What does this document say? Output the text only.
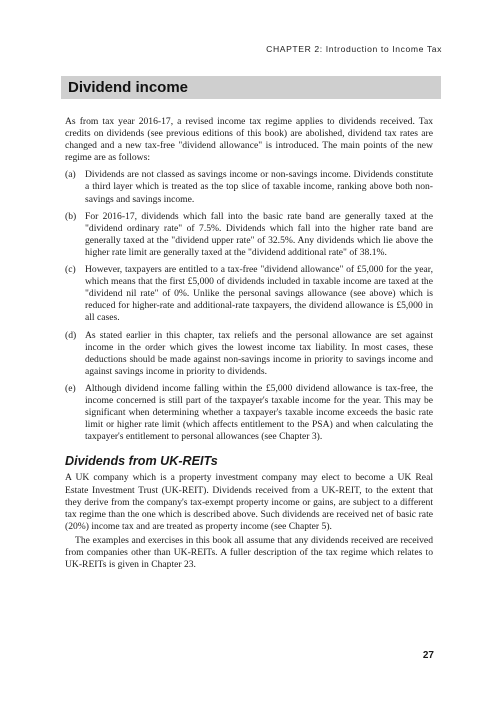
CHAPTER 2: Introduction to Income Tax
Dividend income

As from tax year 2016-17, a revised income tax regime applies to dividends received. Tax credits on dividends (see previous editions of this book) are abolished, dividend tax rates are changed and a new tax-free "dividend allowance" is introduced. The main points of the new regime are as follows:

(a) Dividends are not classed as savings income or non-savings income. Dividends constitute a third layer which is treated as the top slice of taxable income, ranking above both non-savings and savings income.
(b) For 2016-17, dividends which fall into the basic rate band are generally taxed at the "dividend ordinary rate" of 7.5%. Dividends which fall into the higher rate band are generally taxed at the "dividend upper rate" of 32.5%. Any dividends which lie above the higher rate limit are generally taxed at the "dividend additional rate" of 38.1%.
(c) However, taxpayers are entitled to a tax-free "dividend allowance" of £5,000 for the year, which means that the first £5,000 of dividends included in taxable income are taxed at the "dividend nil rate" of 0%. Unlike the personal savings allowance (see above) which is reduced for higher-rate and additional-rate taxpayers, the dividend allowance is £5,000 in all cases.
(d) As stated earlier in this chapter, tax reliefs and the personal allowance are set against income in the order which gives the lowest income tax liability. In most cases, these deductions should be made against non-savings income in priority to savings income and against savings income in priority to dividends.
(e) Although dividend income falling within the £5,000 dividend allowance is tax-free, the income concerned is still part of the taxpayer's taxable income for the year. This may be significant when determining whether a taxpayer's taxable income exceeds the basic rate limit or higher rate limit (which affects entitlement to the PSA) and when calculating the taxpayer's entitlement to personal allowances (see Chapter 3).

Dividends from UK-REITs

A UK company which is a property investment company may elect to become a UK Real Estate Investment Trust (UK-REIT). Dividends received from a UK-REIT, to the extent that they derive from the company's tax-exempt property income or gains, are subject to a different tax regime than the one which is described above. Such dividends are received net of basic rate (20%) income tax and are treated as property income (see Chapter 5).

The examples and exercises in this book all assume that any dividends received are received from companies other than UK-REITs. A fuller description of the tax regime which relates to UK-REITs is given in Chapter 23.

27
